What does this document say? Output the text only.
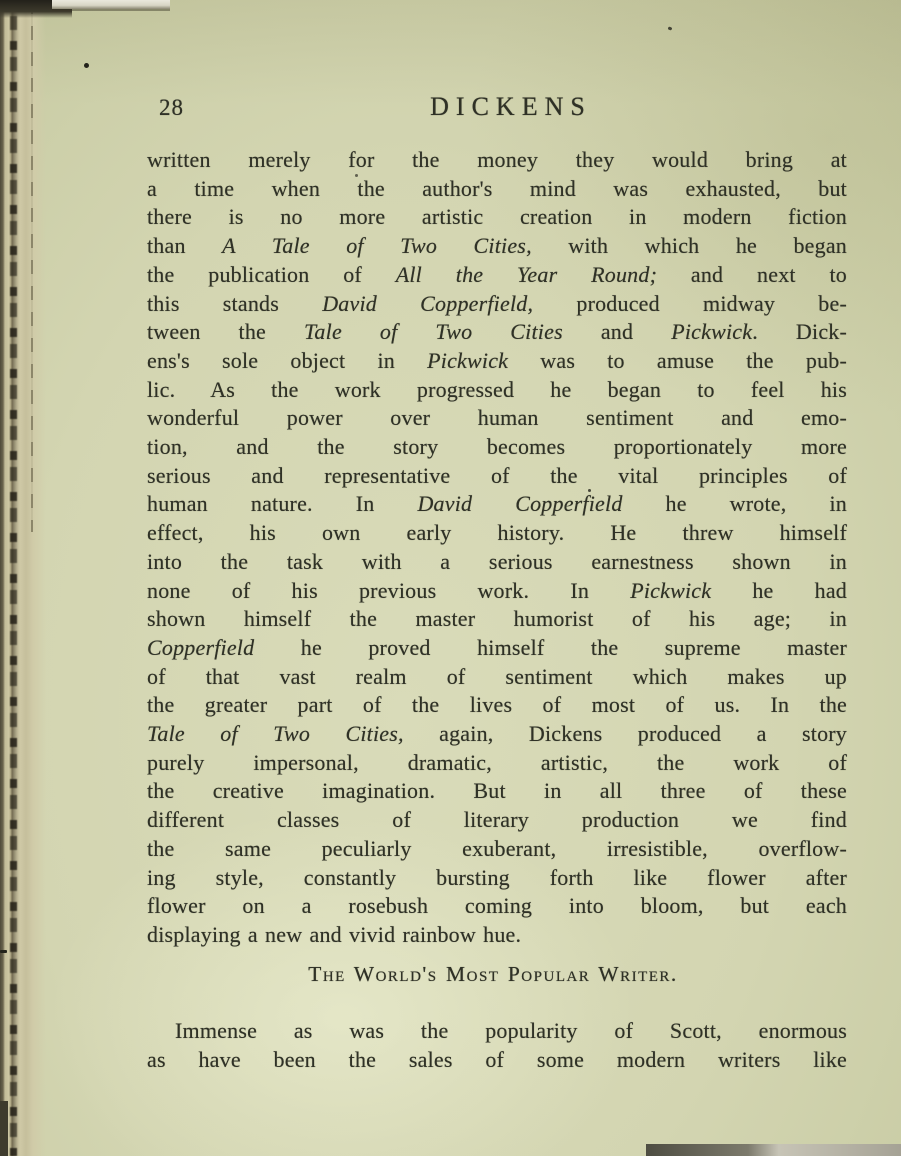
28	DICKENS
written merely for the money they would bring at
a time when the author's mind was exhausted, but
there is no more artistic creation in modern fiction
than A Tale of Two Cities, with which he began
the publication of All the Year Round; and next to
this stands David Copperfield, produced midway be-
tween the Tale of Two Cities and Pickwick. Dick-
ens's sole object in Pickwick was to amuse the pub-
lic. As the work progressed he began to feel his
wonderful power over human sentiment and emo-
tion, and the story becomes proportionately more
serious and representative of the vital principles of
human nature. In David Copperfield he wrote, in
effect, his own early history. He threw himself
into the task with a serious earnestness shown in
none of his previous work. In Pickwick he had
shown himself the master humorist of his age; in
Copperfield he proved himself the supreme master
of that vast realm of sentiment which makes up
the greater part of the lives of most of us. In the
Tale of Two Cities, again, Dickens produced a story
purely impersonal, dramatic, artistic, the work of
the creative imagination. But in all three of these
different classes of literary production we find
the same peculiarly exuberant, irresistible, overflow-
ing style, constantly bursting forth like flower after
flower on a rosebush coming into bloom, but each
displaying a new and vivid rainbow hue.
The World's Most Popular Writer.
Immense as was the popularity of Scott, enormous
as have been the sales of some modern writers like
